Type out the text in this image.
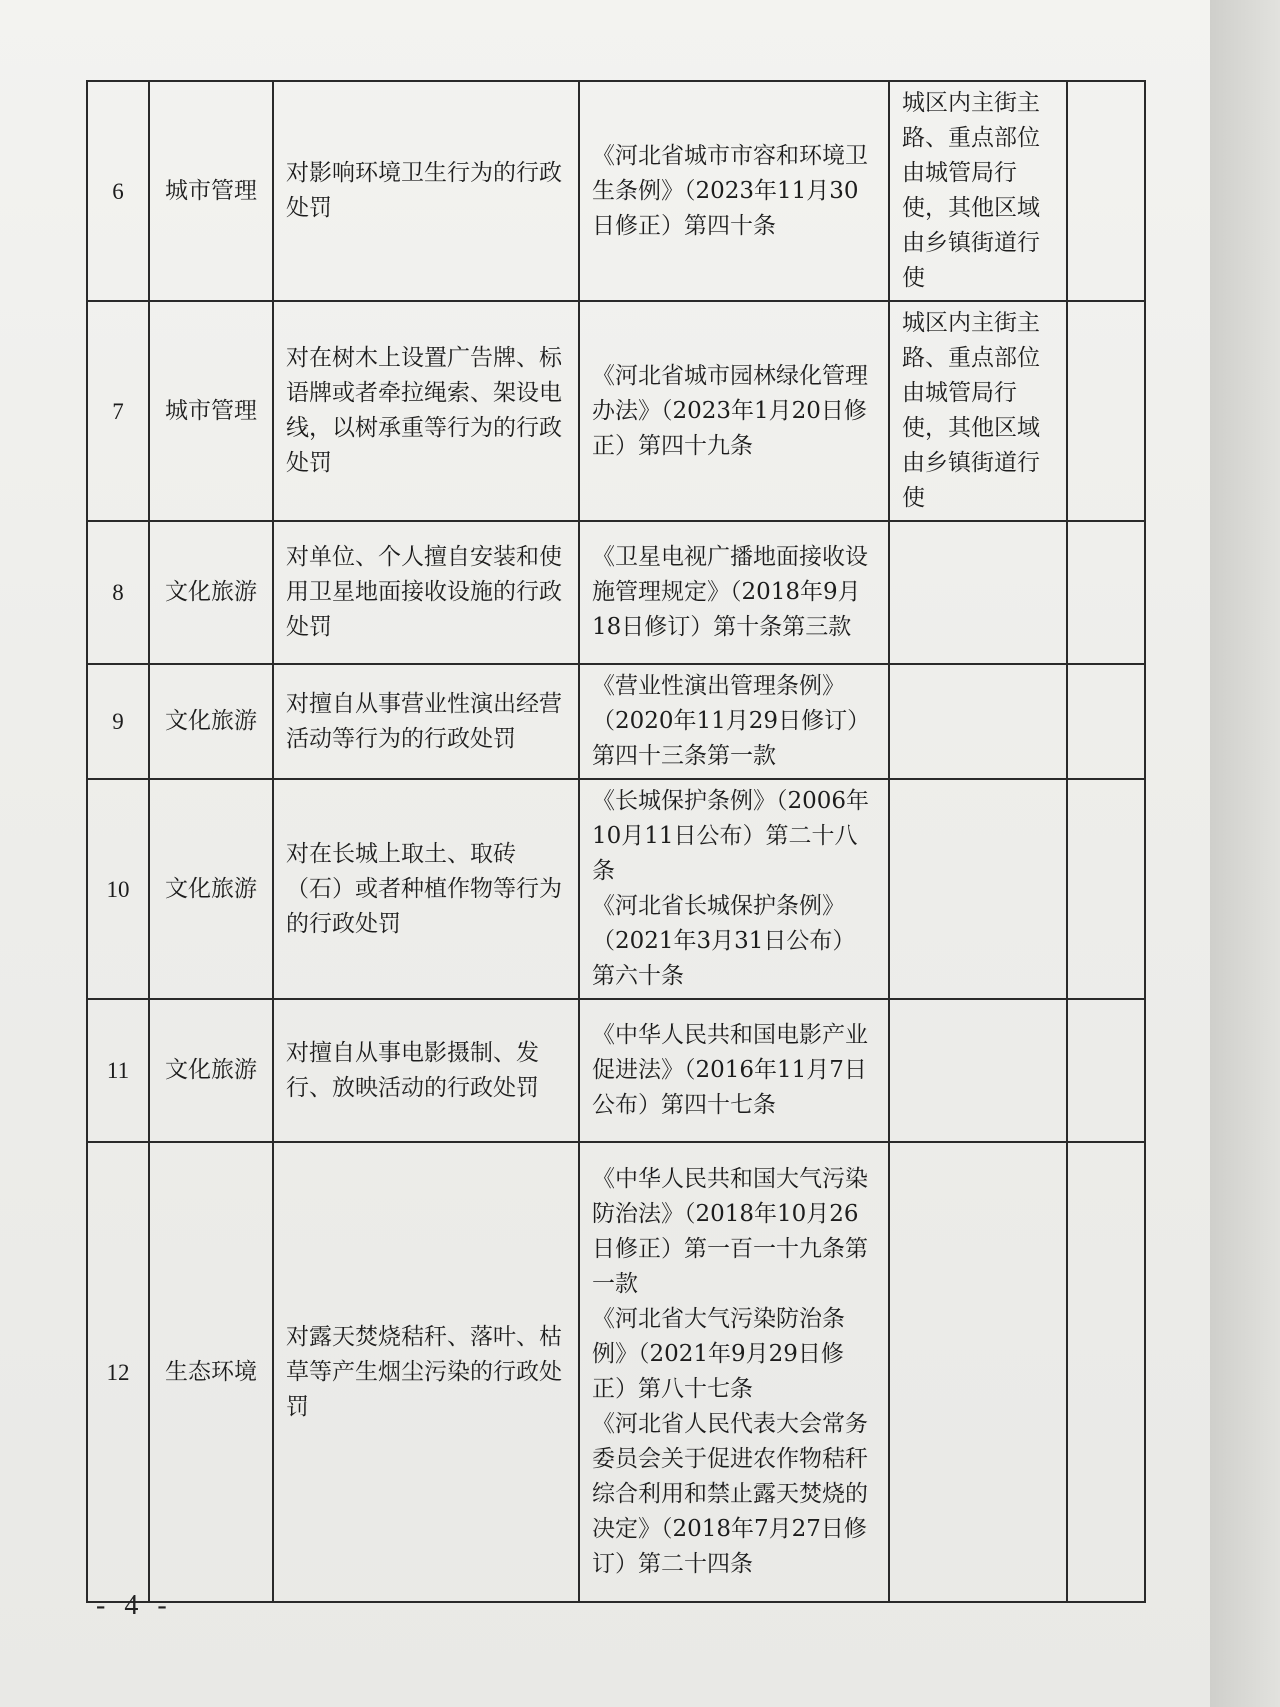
6	城市管理	对影响环境卫生行为的行政处罚	《河北省城市市容和环境卫生条例》（2023年11月30日修正）第四十条	城区内主街主路、重点部位由城管局行使，其他区域由乡镇街道行使	
7	城市管理	对在树木上设置广告牌、标语牌或者牵拉绳索、架设电线，以树承重等行为的行政处罚	《河北省城市园林绿化管理办法》（2023年1月20日修正）第四十九条	城区内主街主路、重点部位由城管局行使，其他区域由乡镇街道行使	
8	文化旅游	对单位、个人擅自安装和使用卫星地面接收设施的行政处罚	《卫星电视广播地面接收设施管理规定》（2018年9月18日修订）第十条第三款		

9	文化旅游	对擅自从事营业性演出经营活动等行为的行政处罚	《营业性演出管理条例》（2020年11月29日修订）第四十三条第一款		

10	文化旅游	对在长城上取土、取砖（石）或者种植作物等行为的行政处罚	《长城保护条例》（2006年10月11日公布）第二十八条
《河北省长城保护条例》（2021年3月31日公布）第六十条		

11	文化旅游	对擅自从事电影摄制、发行、放映活动的行政处罚	《中华人民共和国电影产业促进法》（2016年11月7日公布）第四十七条		

12	生态环境	对露天焚烧秸秆、落叶、枯草等产生烟尘污染的行政处罚	《中华人民共和国大气污染防治法》（2018年10月26日修正）第一百一十九条第一款
《河北省大气污染防治条例》（2021年9月29日修正）第八十七条
《河北省人民代表大会常务委员会关于促进农作物秸秆综合利用和禁止露天焚烧的决定》（2018年7月27日修订）第二十四条		

- 4 -
